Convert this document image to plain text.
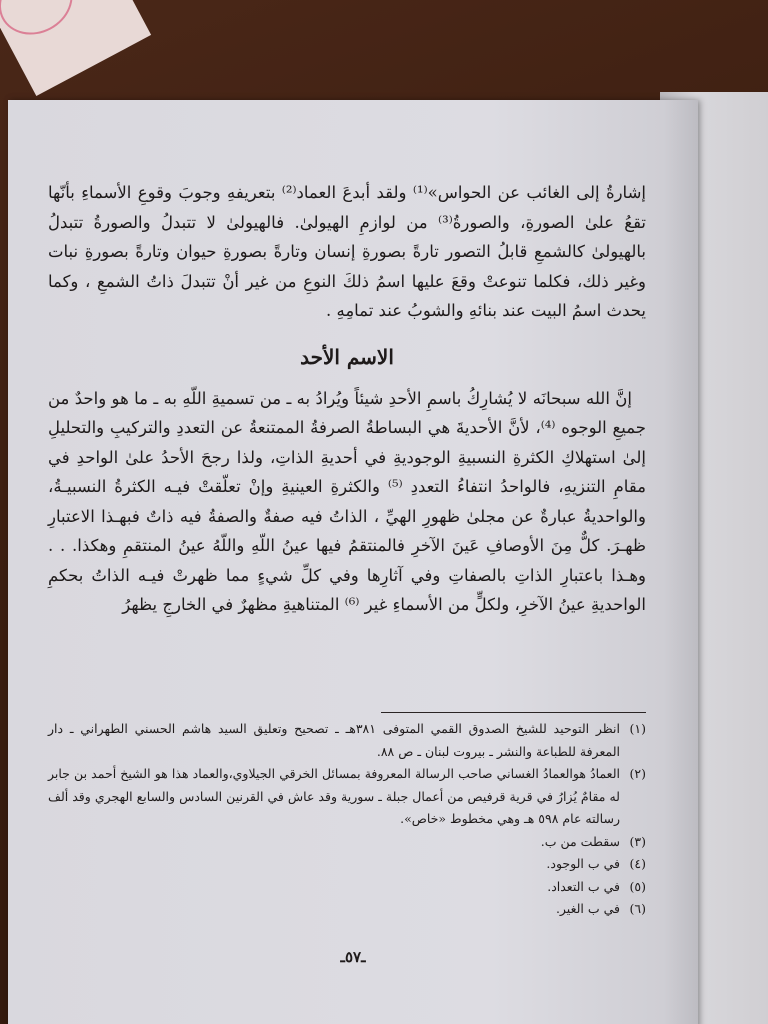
إشارةُ إلى الغائب عن الحواس»⁽¹⁾ ولقد أبدعَ العماد⁽²⁾ بتعريفهِ وجوبَ وقوعِ الأسماءِ بأنّها تقعُ علىٰ الصورةِ، والصورةُ⁽³⁾ من لوازمِ الهيولىٰ. فالهيولىٰ لا تتبدلُ والصورةُ تتبدلُ بالهيولىٰ كالشمعِ قابلُ التصور تارةً بصورةِ إنسان وتارةً بصورةِ حيوان وتارةً بصورةِ نبات وغير ذلك، فكلما تنوعتْ وقعَ عليها اسمُ ذلكَ النوعِ من غير أنْ تتبدلَ ذاتُ الشمعِ ، وكما يحدث اسمُ البيت عند بنائهِ والشوبُ عند تمامِهِ .

الاسم الأحد

إنَّ الله سبحانَه لا يُشارِكُ باسمِ الأحدِ شيئاً ويُرادُ به ـ من تسميةِ اللّهِ به ـ ما هو واحدٌ من جميعِ الوجوه ⁽⁴⁾، لأنَّ الأحديةَ هي البساطةُ الصرفةُ الممتنعةُ عن التعددِ والتركيبِ والتحليلِ إلىٰ استهلاكِ الكثرةِ النسبيةِ الوجوديةِ في أحديةِ الذاتِ، ولذا رجحَ الأحدُ علىٰ الواحدِ في مقامِ التنزيهِ، فالواحدُ انتفاءُ التعددِ ⁽⁵⁾ والكثرةِ العينيةِ وإنْ تعلّقتْ فيـه الكثرةُ النسبيـةُ، والواحديةُ عبارةٌ عن مجلىٰ ظهورِ الهيِّ ، الذاتُ فيه صفةٌ والصفةُ فيه ذاتٌ فبهـذا الاعتبارِ ظهـرَ. كلٌّ مِنَ الأوصافِ عَينَ الآخرِ فالمنتقمُ فيها عينُ اللّهِ واللّهُ عينُ المنتقمِ وهكذا. . . وهـذا باعتبارِ الذاتِ بالصفاتِ وفي آثارِها وفي كلِّ شيءٍ مما ظهرتْ فيـه الذاتُ بحكمِ الواحديةِ عينُ الآخرِ، ولكلٍّ من الأسماءِ غير ⁽⁶⁾ المتناهيةِ مظهرٌ في الخارجِ يظهرُ

(١)
انظر التوحيد للشيخ الصدوق القمي المتوفى ٣٨١هـ ـ تصحيح وتعليق السيد هاشم الحسني الطهراني ـ دار المعرفة للطباعة والنشر ـ بيروت لبنان ـ ص ٨٨.

(٢)
العمادُ هوالعمادُ الغساني صاحب الرسالة المعروفة بمسائل الخرقي الجيلاوي،والعماد هذا هو الشيخ أحمد بن جابر له مقامٌ يُزارُ في قرية قرفيص من أعمال جبلة ـ سورية وقد عاش في القرنين السادس والسابع الهجري وقد ألف رسالته عام ٥٩٨ هـ وهي مخطوط «خاص».

(٣)
سقطت من ب.

(٤)
في ب الوجود.

(٥)
في ب التعداد.

(٦)
في ب الغير.

ـ٥٧ـ
